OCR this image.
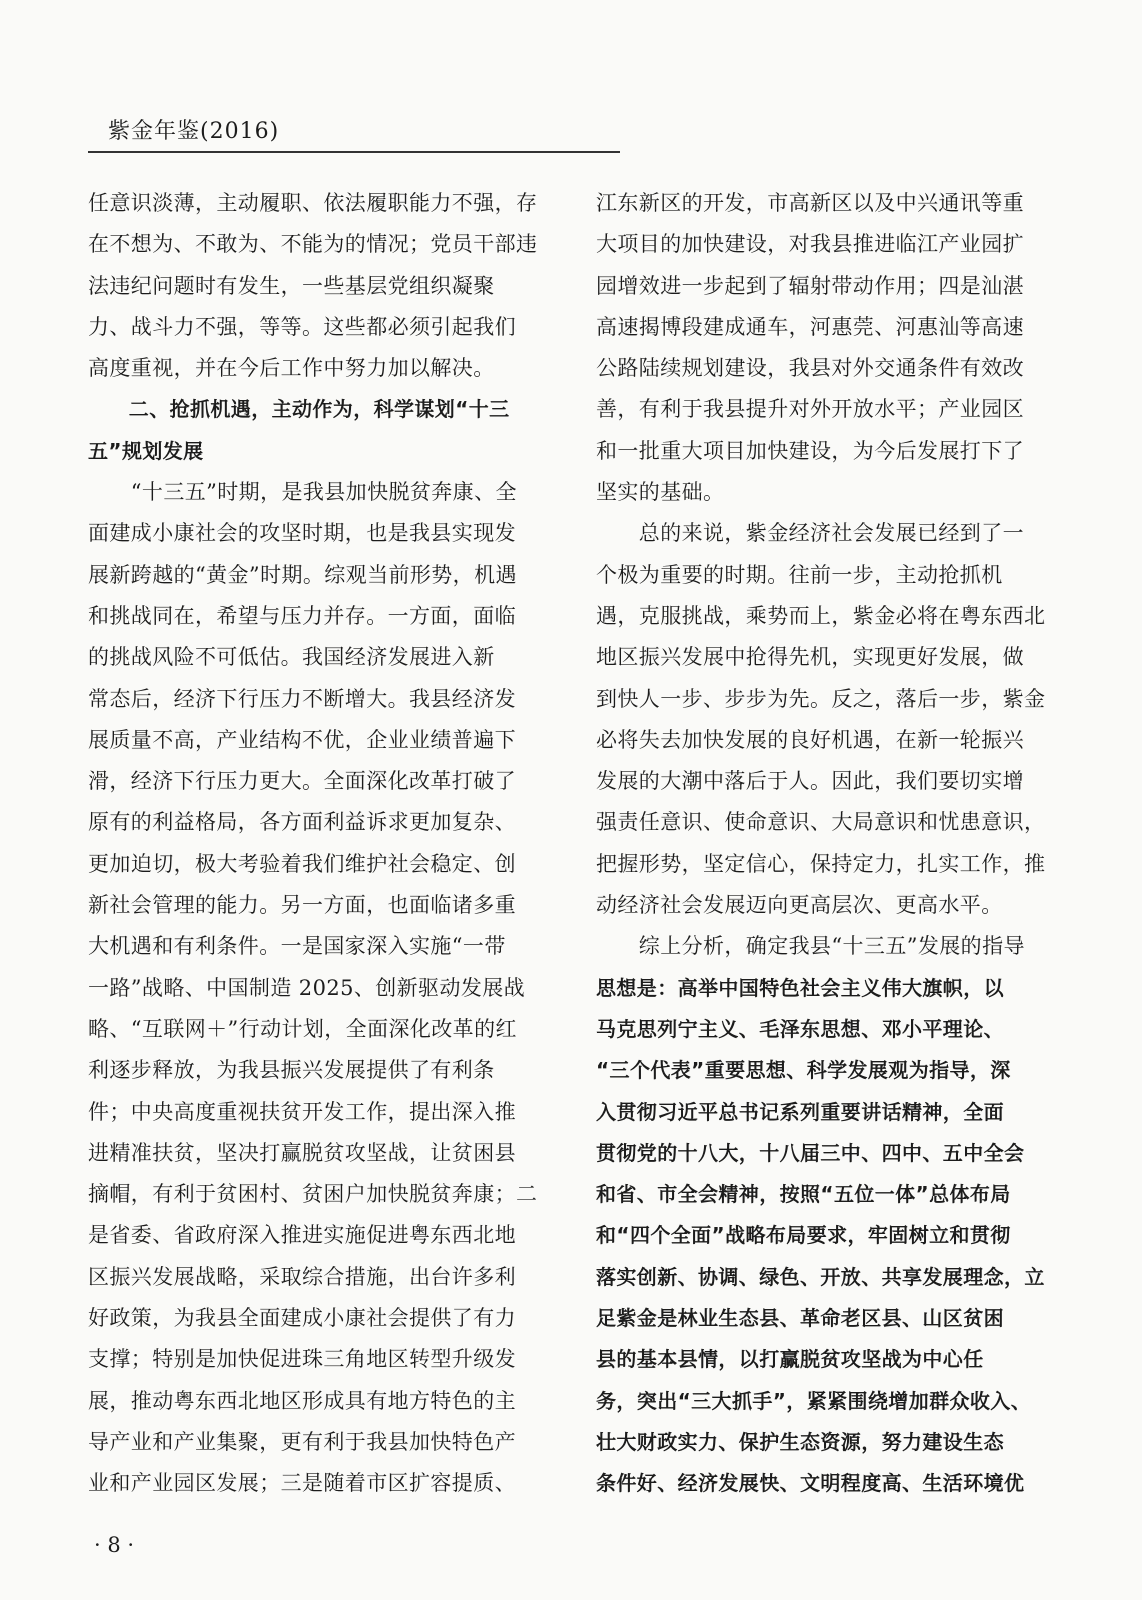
紫金年鉴(2016)
任意识淡薄，主动履职、依法履职能力不强，存
在不想为、不敢为、不能为的情况；党员干部违
法违纪问题时有发生，一些基层党组织凝聚
力、战斗力不强，等等。这些都必须引起我们
高度重视，并在今后工作中努力加以解决。
　　二、抢抓机遇，主动作为，科学谋划“十三
五”规划发展
　　“十三五”时期，是我县加快脱贫奔康、全
面建成小康社会的攻坚时期，也是我县实现发
展新跨越的“黄金”时期。综观当前形势，机遇
和挑战同在，希望与压力并存。一方面，面临
的挑战风险不可低估。我国经济发展进入新
常态后，经济下行压力不断增大。我县经济发
展质量不高，产业结构不优，企业业绩普遍下
滑，经济下行压力更大。全面深化改革打破了
原有的利益格局，各方面利益诉求更加复杂、
更加迫切，极大考验着我们维护社会稳定、创
新社会管理的能力。另一方面，也面临诸多重
大机遇和有利条件。一是国家深入实施“一带
一路”战略、中国制造 2025、创新驱动发展战
略、“互联网＋”行动计划，全面深化改革的红
利逐步释放，为我县振兴发展提供了有利条
件；中央高度重视扶贫开发工作，提出深入推
进精准扶贫，坚决打赢脱贫攻坚战，让贫困县
摘帽，有利于贫困村、贫困户加快脱贫奔康；二
是省委、省政府深入推进实施促进粤东西北地
区振兴发展战略，采取综合措施，出台许多利
好政策，为我县全面建成小康社会提供了有力
支撑；特别是加快促进珠三角地区转型升级发
展，推动粤东西北地区形成具有地方特色的主
导产业和产业集聚，更有利于我县加快特色产
业和产业园区发展；三是随着市区扩容提质、
江东新区的开发，市高新区以及中兴通讯等重
大项目的加快建设，对我县推进临江产业园扩
园增效进一步起到了辐射带动作用；四是汕湛
高速揭博段建成通车，河惠莞、河惠汕等高速
公路陆续规划建设，我县对外交通条件有效改
善，有利于我县提升对外开放水平；产业园区
和一批重大项目加快建设，为今后发展打下了
坚实的基础。
　　总的来说，紫金经济社会发展已经到了一
个极为重要的时期。往前一步，主动抢抓机
遇，克服挑战，乘势而上，紫金必将在粤东西北
地区振兴发展中抢得先机，实现更好发展，做
到快人一步、步步为先。反之，落后一步，紫金
必将失去加快发展的良好机遇，在新一轮振兴
发展的大潮中落后于人。因此，我们要切实增
强责任意识、使命意识、大局意识和忧患意识，
把握形势，坚定信心，保持定力，扎实工作，推
动经济社会发展迈向更高层次、更高水平。
　　综上分析，确定我县“十三五”发展的指导
思想是：高举中国特色社会主义伟大旗帜，以
马克思列宁主义、毛泽东思想、邓小平理论、
“三个代表”重要思想、科学发展观为指导，深
入贯彻习近平总书记系列重要讲话精神，全面
贯彻党的十八大，十八届三中、四中、五中全会
和省、市全会精神，按照“五位一体”总体布局
和“四个全面”战略布局要求，牢固树立和贯彻
落实创新、协调、绿色、开放、共享发展理念，立
足紫金是林业生态县、革命老区县、山区贫困
县的基本县情，以打赢脱贫攻坚战为中心任
务，突出“三大抓手”，紧紧围绕增加群众收入、
壮大财政实力、保护生态资源，努力建设生态
条件好、经济发展快、文明程度高、生活环境优
· 8 ·
